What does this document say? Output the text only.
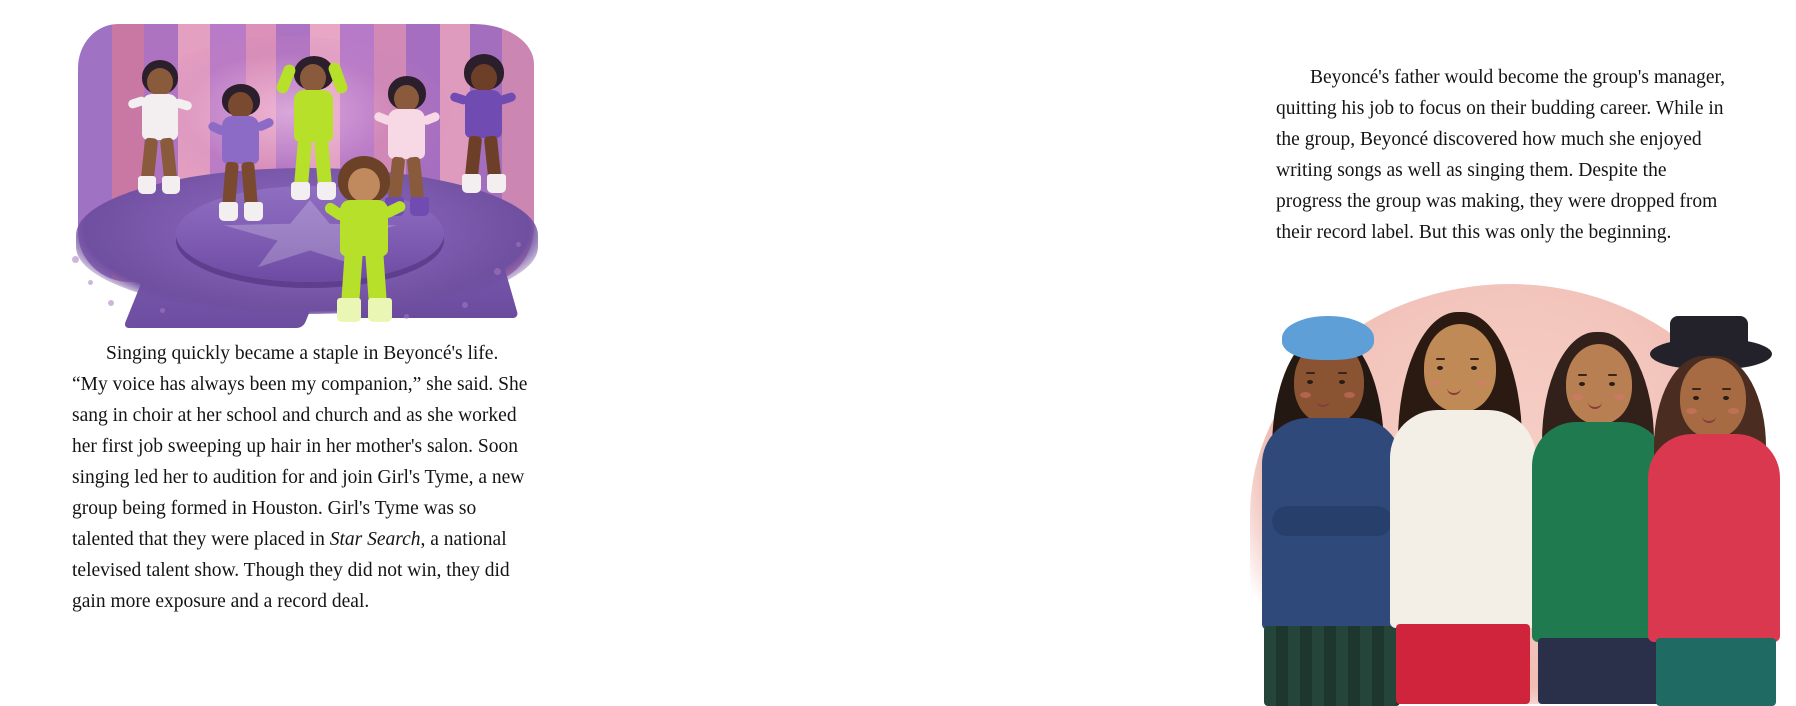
Singing quickly became a staple in Beyoncé's life. “My voice has always been my companion,” she said. She sang in choir at her school and church and as she worked her first job sweeping up hair in her mother's salon. Soon singing led her to audition for and join Girl's Tyme, a new group being formed in Houston. Girl's Tyme was so talented that they were placed in Star Search, a national televised talent show. Though they did not win, they did gain more exposure and a record deal.

Beyoncé's father would become the group's manager, quitting his job to focus on their budding career. While in the group, Beyoncé discovered how much she enjoyed writing songs as well as singing them. Despite the progress the group was making, they were dropped from their record label. But this was only the beginning.
